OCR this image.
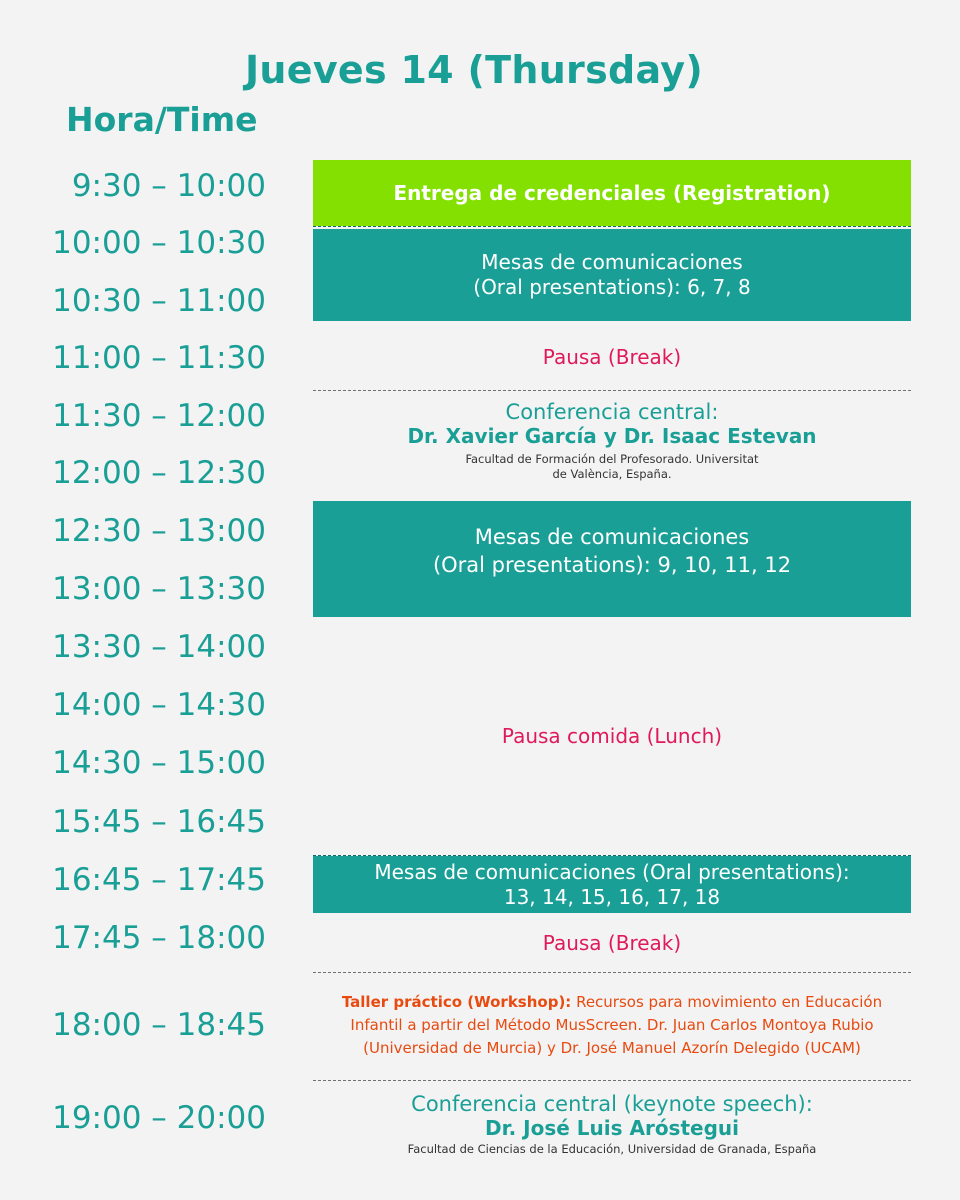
Jueves 14 (Thursday)
Hora/Time
9:30 – 10:00
10:00 – 10:30
10:30 – 11:00
11:00 – 11:30
11:30 – 12:00
12:00 – 12:30
12:30 – 13:00
13:00 – 13:30
13:30 – 14:00
14:00 – 14:30
14:30 – 15:00
15:45 – 16:45
16:45 – 17:45
17:45 – 18:00
18:00 – 18:45
19:00 – 20:00
Entrega de credenciales (Registration)
Mesas de comunicaciones
(Oral presentations): 6, 7, 8
Pausa (Break)
Conferencia central:
Dr. Xavier García y Dr. Isaac Estevan
Facultad de Formación del Profesorado. Universitat
de València, España.
Mesas de comunicaciones
(Oral presentations): 9, 10, 11, 12
Pausa comida (Lunch)
Mesas de comunicaciones (Oral presentations):
13, 14, 15, 16, 17, 18
Pausa (Break)
Taller práctico (Workshop): Recursos para movimiento en Educación
Infantil a partir del Método MusScreen. Dr. Juan Carlos Montoya Rubio
(Universidad de Murcia) y Dr. José Manuel Azorín Delegido (UCAM)
Conferencia central (keynote speech):
Dr. José Luis Aróstegui
Facultad de Ciencias de la Educación, Universidad de Granada, España
